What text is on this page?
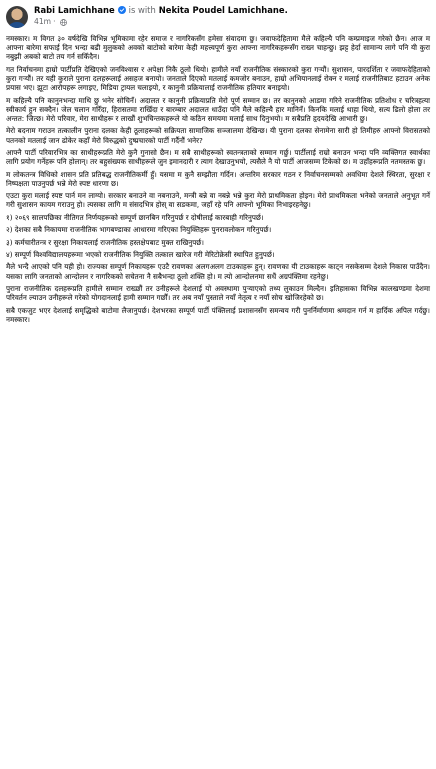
Rabi Lamichhane is with Nekita Poudel Lamichhane.
41m ·

नमस्कार। म विगत ३० वर्षदेखि विभिन्न भूमिकामा रहेर समाज र नागरिकसँग हमेसा संवादमा छु। जवाफदेहितामा मैले कहिल्यै पनि कम्प्रमाइज गरेको छैन। आज म आफ्ना बारेमा सफाई दिन भन्दा बढी मुलुकको अवको बाटोको बारेमा केही महत्त्वपूर्ण कुरा आफ्ना नागरिकहरूसँग राख्न चाहन्छु। झट्ट हेर्दा सामान्य लागे पनि यी कुरा नबुझी अबको बाटो तय गर्न सकिँदैन।

गत निर्वाचनमा हाम्रो पार्टीप्रति देखिएको जनविश्वास र अपेक्षा निकै ठूलो थियो। हामीले नयाँ राजनीतिक संस्कारको कुरा गर्‍यौं। सुशासन, पारदर्शिता र जवाफदेहिताको कुरा गर्‍यौं। तर यही कुराले पुराना दलहरूलाई असहज बनायो। जनताले दिएको मतलाई कमजोर बनाउन, हाम्रो अभियानलाई रोक्न र मलाई राजनीतिबाट हटाउन अनेक प्रयास भए। झूटा आरोपहरू लगाइए, मिडिया ट्रायल चलाइयो, र कानुनी प्रक्रियालाई राजनीतिक हतियार बनाइयो।

म कहिल्यै पनि कानुनभन्दा माथि छु भनेर सोचिनँ। अदालत र कानुनी प्रक्रियाप्रति मेरो पूर्ण सम्मान छ। तर कानुनको आडमा गरिने राजनीतिक प्रतिशोध र चरित्रहत्या स्वीकार्य हुन सक्दैन। जेल चलान गरिँदा, हिरासतमा राखिँदा र बारम्बार अदालत धाउँदा पनि मैले कहिल्यै हार मानिनँ। किनकि मलाई थाहा थियो, सत्य ढिलो होला तर अन्तत: जित्छ। मेरो परिवार, मेरा साथीहरू र लाखौं शुभचिन्तकहरूले यो कठिन समयमा मलाई साथ दिनुभयो। म सबैप्रति हृदयदेखि आभारी छु।

मेरो बदनाम गराउन तत्कालीन पुराना दलका केही ठूलाहरूको सक्रियता सामाजिक सञ्जालमा देखिन्छ। यी पुराना दलका सेनामेना सारी हो तिमीहरु आफ्नो विरासतको पतनको मतलाई जान ढोकेर कहाँ मेरो विरुद्धको दुष्प्रचारको पार्टी गर्दैनौं भनेर?

आफ्नै पार्टी परिवारभित्र का साथीहरूप्रति मेरो कुनै गुनासो छैन। म सबै साथीहरूको स्वतन्त्रताको सम्मान गर्छु। पार्टीलाई राम्रो बनाउन भन्दा पनि व्यक्तिगत स्वार्थका लागि प्रयोग गर्नेहरू पनि होलान्। तर बहुसंख्यक साथीहरूले जुन इमानदारी र त्याग देखाउनुभयो, त्यसैले नै यो पार्टी आजसम्म टिकेको छ। म उहाँहरूप्रति नतमस्तक छु।

म लोकतन्त्र विधिको शासन प्रति प्रतिबद्ध राजनीतिकर्मी हुँ। यसमा म कुनै सम्झौता गर्दिन। अन्तरिम सरकार गठन र निर्वाचनसम्मको अवधिमा देशले स्थिरता, सुरक्षा र निष्पक्षता पाउनुपर्छ भन्ने मेरो स्पष्ट धारणा छ।

एउटा कुरा मलाई स्पष्ट पार्न मन लाग्यो। सरकार बनाउने वा नबनाउने, मन्त्री बन्ने वा नबन्ने भन्ने कुरा मेरो प्राथमिकता होइन। मेरो प्राथमिकता भनेको जनताले अनुभूत गर्ने गरी सुशासन कायम गराउनु हो। त्यसका लागि म संसदभित्र होस् वा सडकमा, जहाँ रहे पनि आफ्नो भूमिका निभाइरहनेछु।

१) २०६९ सालपछिका नीतिगत निर्णयहरूको सम्पूर्ण छानबिन गरिनुपर्छ र दोषीलाई कारबाही गरिनुपर्छ।

२) देशका सबै निकायमा राजनीतिक भागबण्डाका आधारमा गरिएका नियुक्तिहरू पुनरावलोकन गरिनुपर्छ।

३) कर्मचारीतन्त्र र सुरक्षा निकायलाई राजनीतिक हस्तक्षेपबाट मुक्त राखिनुपर्छ।

४) सम्पूर्ण विश्वविद्यालयहरूमा भएको राजनीतिक नियुक्ति तत्काल खारेज गरी मेरिटोक्रेसी स्थापित हुनुपर्छ।

मैले भन्दै आएको पनि यही हो। राज्यका सम्पूर्ण निकायहरू एउटै रावणका अलगअलग टाउकाहरू हुन्। रावणका यी टाउकाहरू काट्न नसकेसम्म देशले निकास पाउँदैन। यसका लागि जनताको आन्दोलन र नागरिकको सचेतना नै सबैभन्दा ठूलो शक्ति हो। म त्यो आन्दोलनमा सधैं अग्रपंक्तिमा रहनेछु।

पुराना राजनीतिक दलहरूप्रति हामीले सम्मान राख्छौं तर उनीहरूले देशलाई यो अवस्थामा पुर्‍याएको तथ्य लुकाउन मिल्दैन। इतिहासका विभिन्न कालखण्डमा देशमा परिवर्तन ल्याउन उनीहरूले गरेको योगदानलाई हामी सम्मान गर्छौं। तर अब नयाँ पुस्ताले नयाँ नेतृत्व र नयाँ सोच खोजिरहेको छ।

सबै एकजुट भएर देशलाई समृद्धिको बाटोमा लैजानुपर्छ। देशभरका सम्पूर्ण पार्टी पंक्तिलाई प्रशासनसँग समन्वय गरी पुनर्निर्माणमा श्रमदान गर्न म हार्दिक अपिल गर्दछु। नमस्कार।
